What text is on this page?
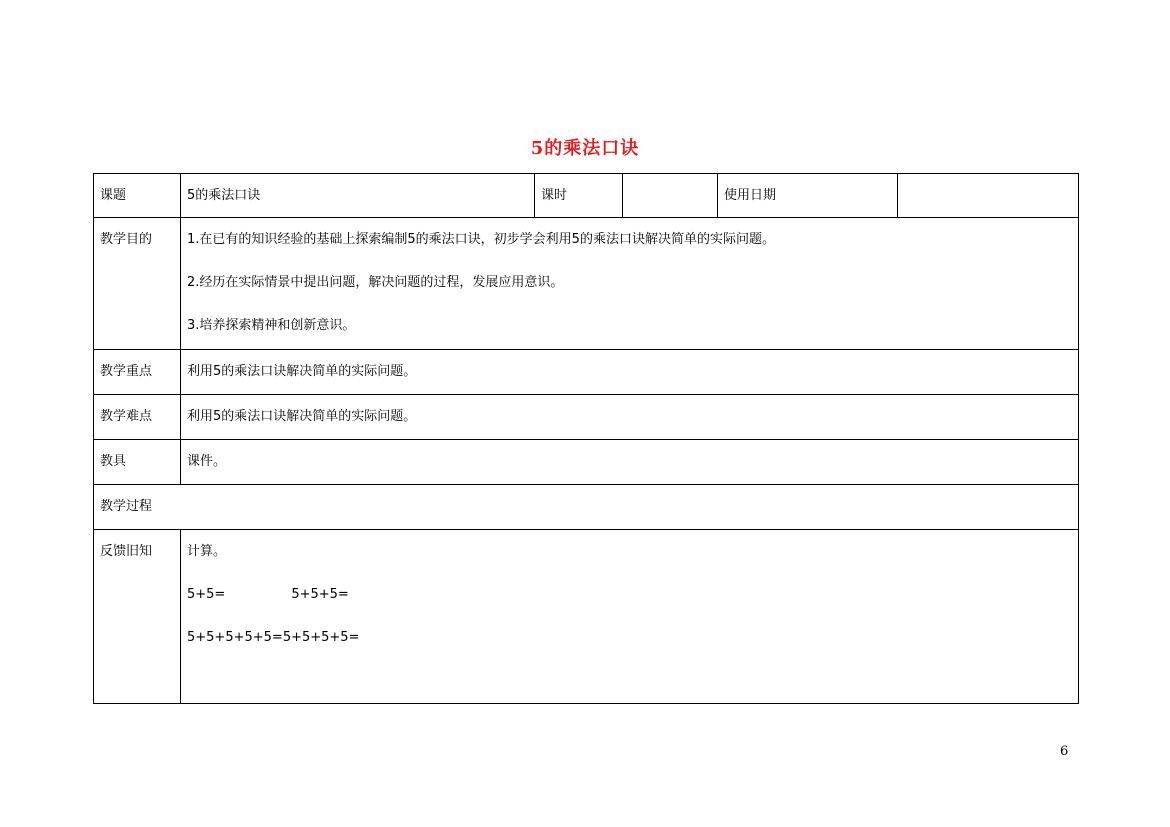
5的乘法口诀
课题	5的乘法口诀	课时		使用日期	
教学目的	1.在已有的知识经验的基础上探索编制5的乘法口诀，初步学会利用5的乘法口诀解决简单的实际问题。
2.经历在实际情景中提出问题，解决问题的过程，发展应用意识。
3.培养探索精神和创新意识。				

教学重点	利用5的乘法口诀解决简单的实际问题。				
教学难点	利用5的乘法口诀解决简单的实际问题。				
教具	课件。				
教学过程					
反馈旧知	计算。
5+5= 5+5+5=
5+5+5+5+5=5+5+5+5=				
6
